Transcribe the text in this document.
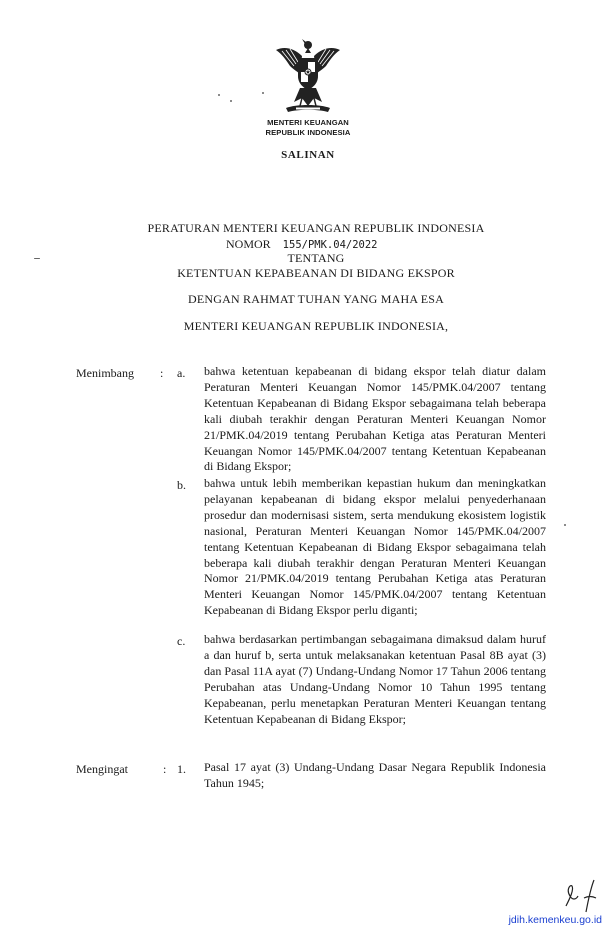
MENTERI KEUANGAN
REPUBLIK INDONESIA
SALINAN
PERATURAN MENTERI KEUANGAN REPUBLIK INDONESIA
NOMOR 155/PMK.04/2022
TENTANG
KETENTUAN KEPABEANAN DI BIDANG EKSPOR
DENGAN RAHMAT TUHAN YANG MAHA ESA
MENTERI KEUANGAN REPUBLIK INDONESIA,
Menimbang : a. bahwa ketentuan kepabeanan di bidang ekspor telah diatur dalam Peraturan Menteri Keuangan Nomor 145/PMK.04/2007 tentang Ketentuan Kepabeanan di Bidang Ekspor sebagaimana telah beberapa kali diubah terakhir dengan Peraturan Menteri Keuangan Nomor 21/PMK.04/2019 tentang Perubahan Ketiga atas Peraturan Menteri Keuangan Nomor 145/PMK.04/2007 tentang Ketentuan Kepabeanan di Bidang Ekspor;
b. bahwa untuk lebih memberikan kepastian hukum dan meningkatkan pelayanan kepabeanan di bidang ekspor melalui penyederhanaan prosedur dan modernisasi sistem, serta mendukung ekosistem logistik nasional, Peraturan Menteri Keuangan Nomor 145/PMK.04/2007 tentang Ketentuan Kepabeanan di Bidang Ekspor sebagaimana telah beberapa kali diubah terakhir dengan Peraturan Menteri Keuangan Nomor 21/PMK.04/2019 tentang Perubahan Ketiga atas Peraturan Menteri Keuangan Nomor 145/PMK.04/2007 tentang Ketentuan Kepabeanan di Bidang Ekspor perlu diganti;
c. bahwa berdasarkan pertimbangan sebagaimana dimaksud dalam huruf a dan huruf b, serta untuk melaksanakan ketentuan Pasal 8B ayat (3) dan Pasal 11A ayat (7) Undang-Undang Nomor 17 Tahun 2006 tentang Perubahan atas Undang-Undang Nomor 10 Tahun 1995 tentang Kepabeanan, perlu menetapkan Peraturan Menteri Keuangan tentang Ketentuan Kepabeanan di Bidang Ekspor;
Mengingat	: 1. Pasal 17 ayat (3) Undang-Undang Dasar Negara Republik Indonesia Tahun 1945;
jdih.kemenkeu.go.id
